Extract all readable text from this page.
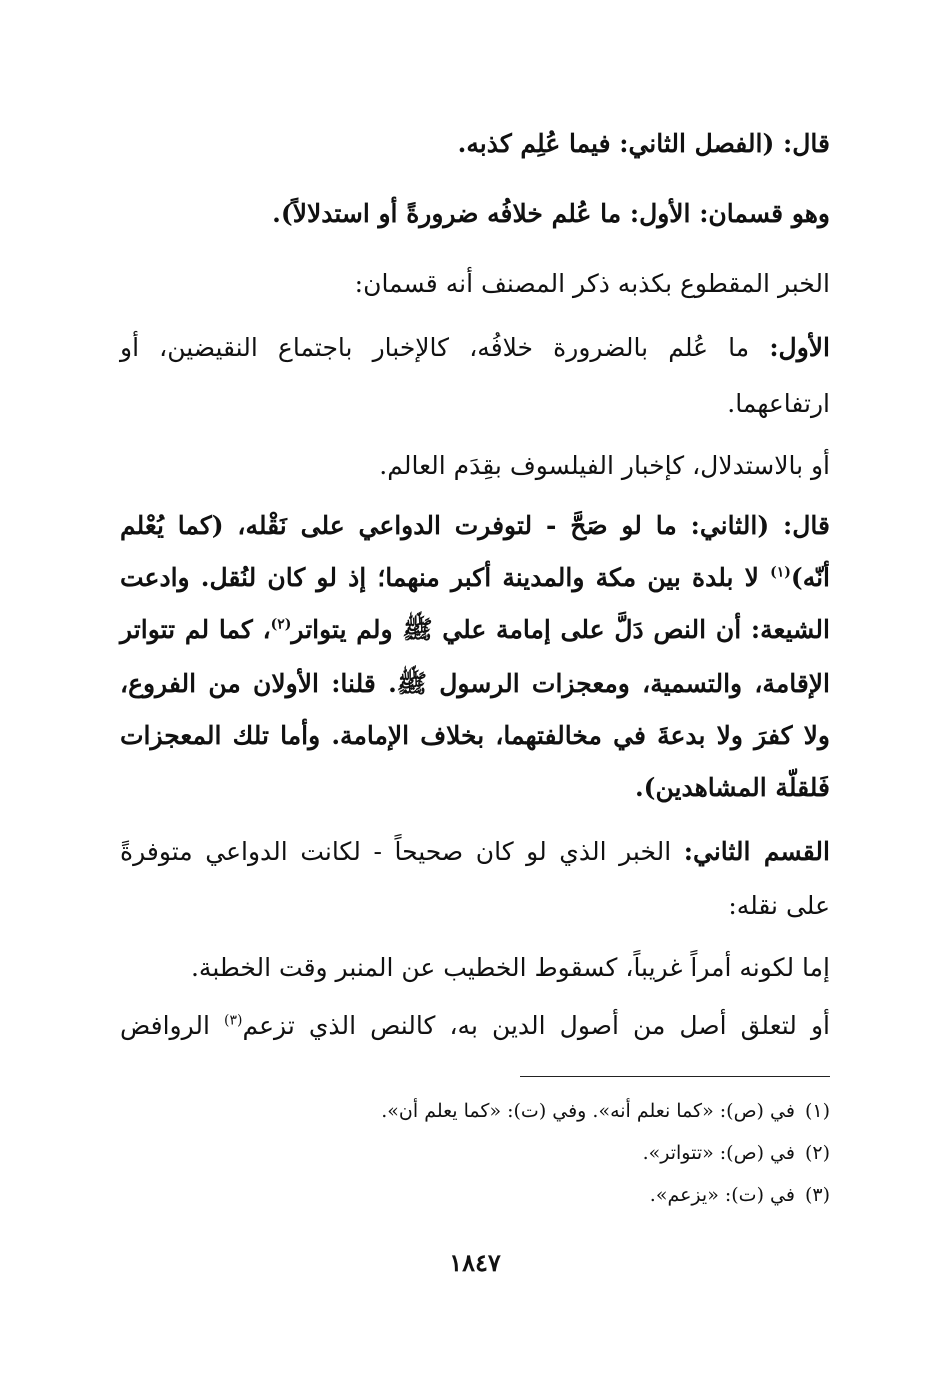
قال: (الفصل الثاني: فيما عُلِم كذبه.
وهو قسمان: الأول: ما عُلم خلافُه ضرورةً أو استدلالاً).
الخبر المقطوع بكذبه ذكر المصنف أنه قسمان:
الأول: ما عُلم بالضرورة خلافُه، كالإخبار باجتماع النقيضين، أو
ارتفاعهما.
أو بالاستدلال، كإخبار الفيلسوف بقِدَم العالم.
قال: (الثاني: ما لو صَحَّ - لتوفرت الدواعي على نَقْله، (كما يُعْلم
أنّه)$^{(١)}$ لا بلدة بين مكة والمدينة أكبر منهما؛ إذ لو كان لنُقل. وادعت
الشيعة: أن النص دَلَّ على إمامة علي ﷺ ولم يتواتر$^{(٢)}$، كما لم تتواتر
الإقامة، والتسمية، ومعجزات الرسول ﷺ. قلنا: الأولان من الفروع،
ولا كفرَ ولا بدعةَ في مخالفتهما، بخلاف الإمامة. وأما تلك المعجزات
فَلقلّة المشاهدين).
القسم الثاني: الخبر الذي لو كان صحيحاً - لكانت الدواعي متوفرةً
على نقله:
إما لكونه أمراً غريباً، كسقوط الخطيب عن المنبر وقت الخطبة.
أو لتعلق أصل من أصول الدين به، كالنص الذي تزعم$^{(٣)}$ الروافض
(١)في (ص): «كما نعلم أنه». وفي (ت): «كما يعلم أن».
(٢)في (ص): «تتواتر».
(٣)في (ت): «يزعم».
١٨٤٧
